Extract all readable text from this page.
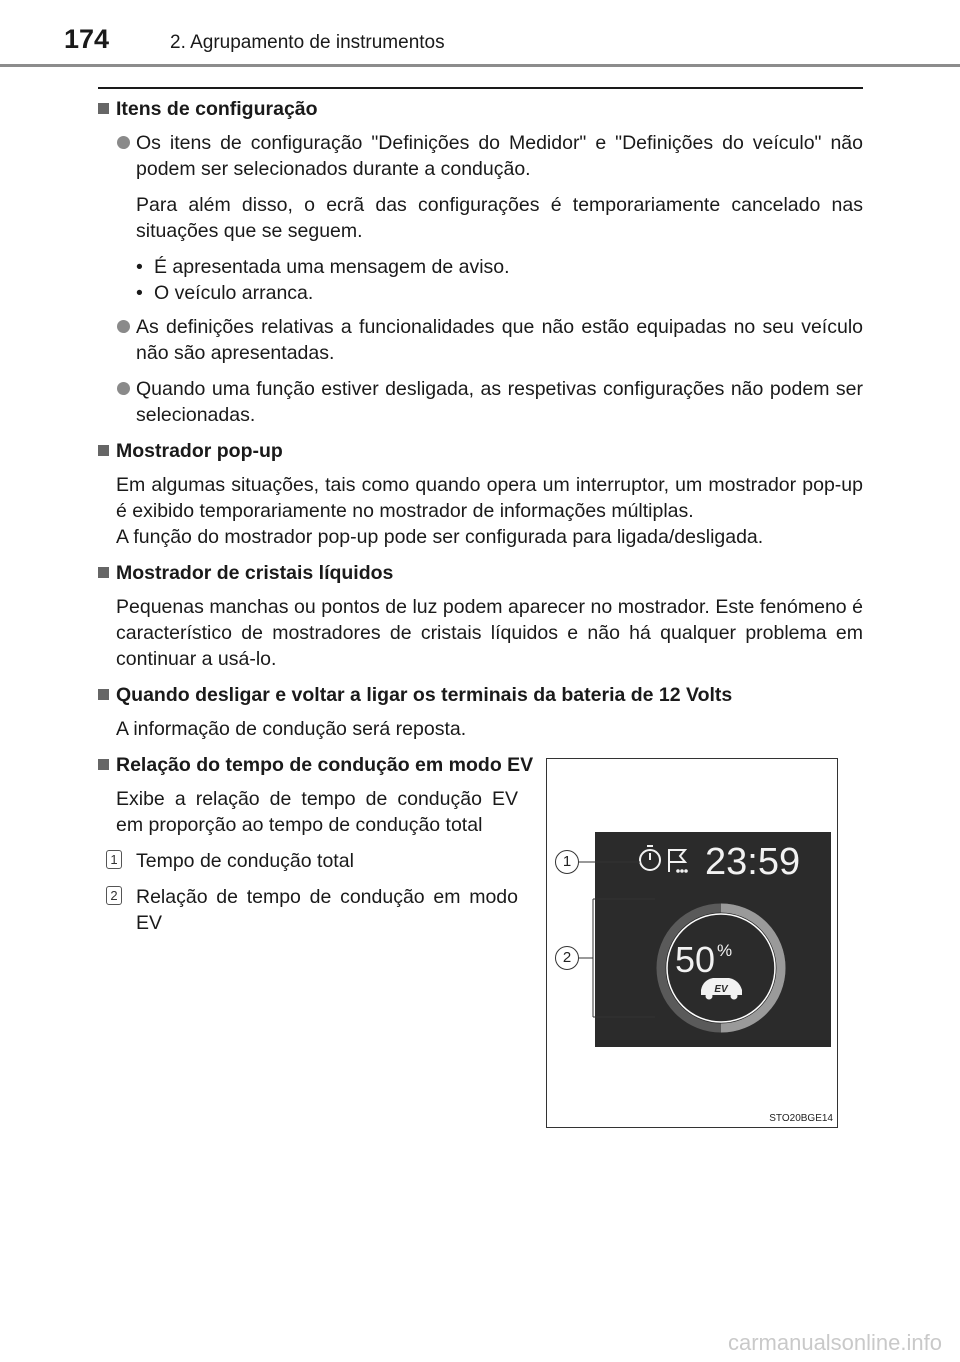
174	2. Agrupamento de instrumentos

Itens de configuração

Os itens de configuração "Definições do Medidor" e "Definições do veículo" não podem ser selecionados durante a condução.

Para além disso, o ecrã das configurações é temporariamente cancelado nas situações que se seguem.

• É apresentada uma mensagem de aviso.

• O veículo arranca.

As definições relativas a funcionalidades que não estão equipadas no seu veículo não são apresentadas.

Quando uma função estiver desligada, as respetivas configurações não podem ser selecionadas.

Mostrador pop-up

Em algumas situações, tais como quando opera um interruptor, um mostrador pop-up é exibido temporariamente no mostrador de informações múltiplas.

A função do mostrador pop-up pode ser configurada para ligada/desligada.

Mostrador de cristais líquidos

Pequenas manchas ou pontos de luz podem aparecer no mostrador. Este fenómeno é característico de mostradores de cristais líquidos e não há qualquer problema em continuar a usá-lo.

Quando desligar e voltar a ligar os terminais da bateria de 12 Volts

A informação de condução será reposta.

Relação do tempo de condução em modo EV

Exibe a relação de tempo de condução EV em proporção ao tempo de condução total

1 Tempo de condução total

2 Relação de tempo de condução em modo EV

23:59
50 %
EV
1
2
STO20BGE14
carmanualsonline.info
